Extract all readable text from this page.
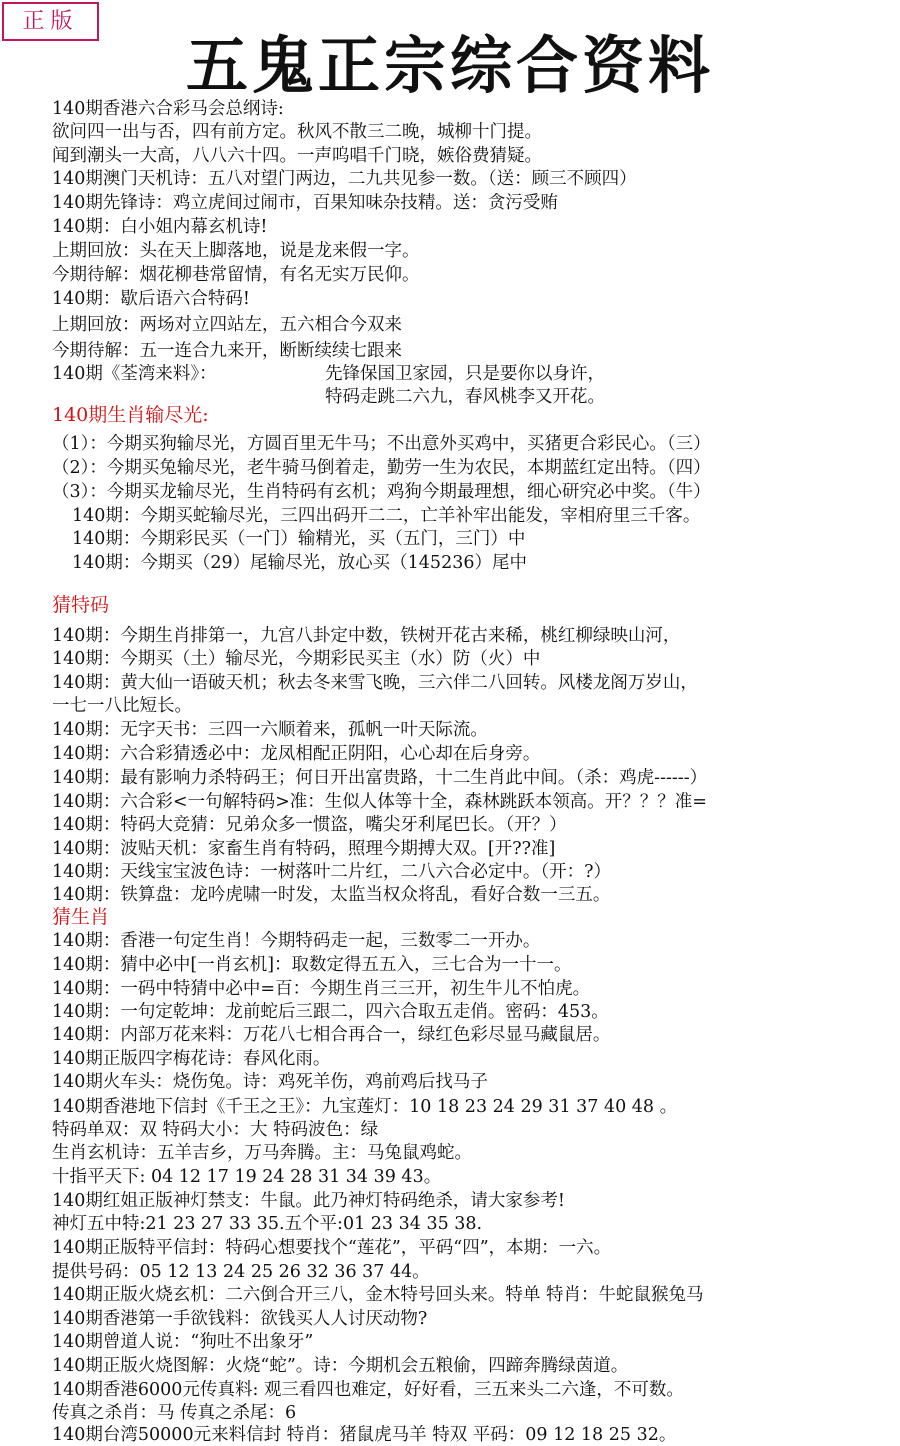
正版
五鬼正宗综合资料
140期香港六合彩马会总纲诗:
欲问四一出与否，四有前方定。秋风不散三二晚，城柳十门提。
闻到潮头一大高，八八六十四。一声呜唱千门晓，嫉俗费猜疑。
140期澳门天机诗：五八对望门两边，二九共见参一数。（送：顾三不顾四）
140期先锋诗：鸡立虎间过闹市，百果知味杂技精。送：贪污受贿
140期：白小姐内幕玄机诗!
上期回放：头在天上脚落地，说是龙来假一字。
今期待解：烟花柳巷常留情，有名无实万民仰。
140期：歇后语六合特码!
上期回放：两场对立四站左，五六相合今双来
今期待解：五一连合九来开，断断续续七跟来
140期《荃湾来料》：	先锋保国卫家园，只是要你以身许，
特码走跳二六九，春风桃李又开花。
140期生肖输尽光:
（1）：今期买狗输尽光，方圆百里无牛马；不出意外买鸡中，买猪更合彩民心。（三）
（2）：今期买兔输尽光，老牛骑马倒着走，勤劳一生为农民，本期蓝红定出特。（四）
（3）：今期买龙输尽光，生肖特码有玄机；鸡狗今期最理想，细心研究必中奖。（牛）
140期：今期买蛇输尽光，三四出码开二二，亡羊补牢出能发，宰相府里三千客。
140期：今期彩民买（一门）输精光，买（五门，三门）中
140期：今期买（29）尾输尽光，放心买（145236）尾中
猜特码
140期：今期生肖排第一，九宫八卦定中数，铁树开花古来稀，桃红柳绿映山河，
140期：今期买（土）输尽光，今期彩民买主（水）防（火）中
140期：黄大仙一语破天机；秋去冬来雪飞晚，三六伴二八回转。风楼龙阁万岁山，
一七一八比短长。
140期：无字天书：三四一六顺着来，孤帆一叶天际流。
140期：六合彩猜透必中：龙凤相配正阴阳，心心却在后身旁。
140期：最有影响力杀特码王；何日开出富贵路，十二生肖此中间。（杀：鸡虎------）
140期：六合彩<一句解特码>准：生似人体等十全，森林跳跃本领高。开？？？准=
140期：特码大竞猜：兄弟众多一惯盗，嘴尖牙利尾巴长。（开？）
140期：波贴天机：家畜生肖有特码，照理今期搏大双。[开??准]
140期：天线宝宝波色诗：一树落叶二片红，二八六合必定中。（开：?）
140期：铁算盘：龙吟虎啸一时发，太监当权众将乱，看好合数一三五。
猜生肖
140期：香港一句定生肖！今期特码走一起，三数零二一开办。
140期：猜中必中[一肖玄机]：取数定得五五入，三七合为一十一。
140期：一码中特猜中必中=百：今期生肖三三开，初生牛儿不怕虎。
140期：一句定乾坤：龙前蛇后三跟二，四六合取五走俏。密码：453。
140期：内部万花来料：万花八七相合再合一，绿红色彩尽显马藏鼠居。
140期正版四字梅花诗：春风化雨。
140期火车头：烧伤兔。诗：鸡死羊伤，鸡前鸡后找马子
140期香港地下信封《千王之王》：九宝莲灯：10 18 23 24 29 31 37 40 48 。
特码单双：双 特码大小：大 特码波色：绿
生肖玄机诗：五羊吉乡，万马奔腾。主：马兔鼠鸡蛇。
十指平天下: 04 12 17 19 24 28 31 34 39 43。
140期红姐正版神灯禁支：牛鼠。此乃神灯特码绝杀，请大家参考!
神灯五中特:21 23 27 33 35.五个平:01 23 34 35 38.
140期正版特平信封：特码心想要找个“莲花”，平码“四”，本期：一六。
提供号码：05 12 13 24 25 26 32 36 37 44。
140期正版火烧玄机：二六倒合开三八，金木特号回头来。特单 特肖：牛蛇鼠猴兔马
140期香港第一手欲钱料：欲钱买人人讨厌动物?
140期曾道人说：“狗吐不出象牙”
140期正版火烧图解：火烧“蛇”。诗：今期机会五粮偷，四蹄奔腾绿茵道。
140期香港6000元传真料: 观三看四也难定，好好看，三五来头二六逢，不可数。
传真之杀肖：马 传真之杀尾：6
140期台湾50000元来料信封 特肖：猪鼠虎马羊 特双 平码：09 12 18 25 32。
